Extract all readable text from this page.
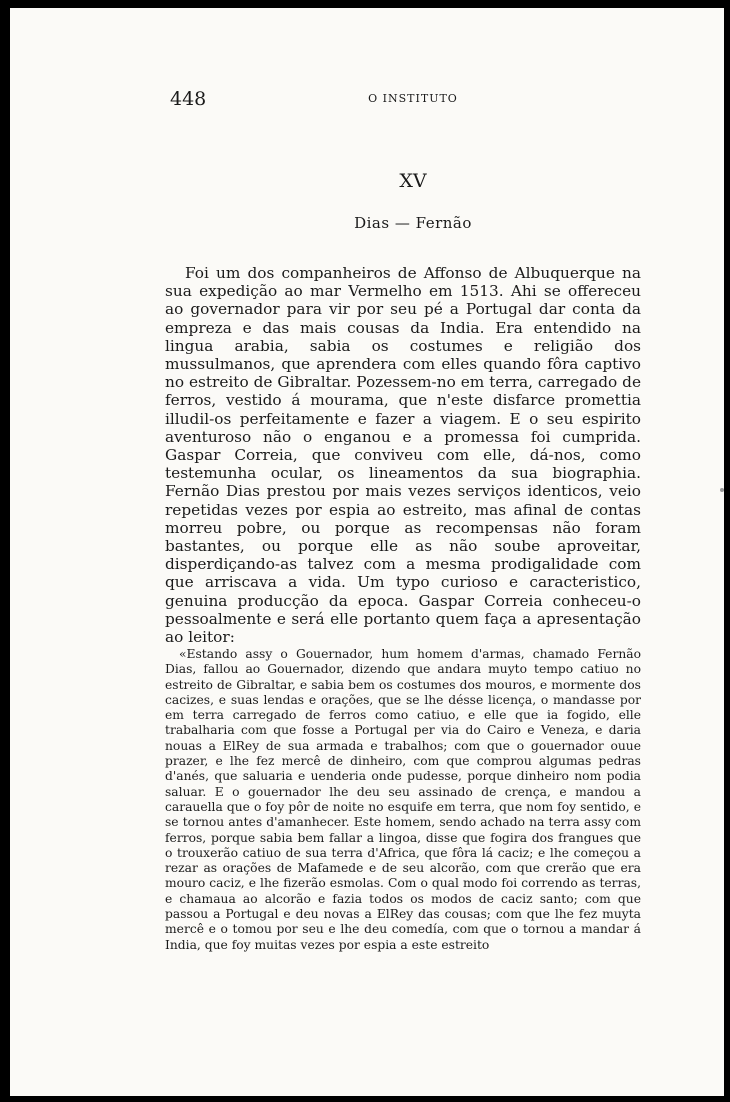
448	O INSTITUTO
XV
Dias — Fernão

Foi um dos companheiros de Affonso de Albuquerque na sua expedição ao mar Vermelho em 1513. Ahi se offereceu ao governador para vir por seu pé a Portugal dar conta da empreza e das mais cousas da India. Era entendido na lingua arabia, sabia os costumes e religião dos mussulmanos, que aprendera com elles quando fôra captivo no estreito de Gibraltar. Pozessem-no em terra, carregado de ferros, vestido á mourama, que n'este disfarce promettia illudil-os perfeitamente e fazer a viagem. E o seu espirito aventuroso não o enganou e a promessa foi cumprida. Gaspar Correia, que conviveu com elle, dá-nos, como testemunha ocular, os lineamentos da sua biographia. Fernão Dias prestou por mais vezes serviços identicos, veio repetidas vezes por espia ao estreito, mas afinal de contas morreu pobre, ou porque as recompensas não foram bastantes, ou porque elle as não soube aproveitar, disperdiçando-as talvez com a mesma prodigalidade com que arriscava a vida. Um typo curioso e caracteristico, genuina producção da epoca. Gaspar Correia conheceu-o pessoalmente e será elle portanto quem faça a apresentação ao leitor:

«Estando assy o Gouernador, hum homem d'armas, chamado Fernão Dias, fallou ao Gouernador, dizendo que andara muyto tempo catiuo no estreito de Gibraltar, e sabia bem os costumes dos mouros, e mormente dos cacizes, e suas lendas e orações, que se lhe désse licença, o mandasse por em terra carregado de ferros como catiuo, e elle que ia fogido, elle trabalharia com que fosse a Portugal per via do Cairo e Veneza, e daria nouas a ElRey de sua armada e trabalhos; com que o gouernador ouue prazer, e lhe fez mercê de dinheiro, com que comprou algumas pedras d'anés, que saluaria e uenderia onde pudesse, porque dinheiro nom podia saluar. E o gouernador lhe deu seu assinado de crença, e mandou a carauella que o foy pôr de noite no esquife em terra, que nom foy sentido, e se tornou antes d'amanhecer. Este homem, sendo achado na terra assy com ferros, porque sabia bem fallar a lingoa, disse que fogira dos frangues que o trouxerão catiuo de sua terra d'Africa, que fôra lá caciz; e lhe começou a rezar as orações de Mafamede e de seu alcorão, com que crerão que era mouro caciz, e lhe fizerão esmolas. Com o qual modo foi correndo as terras, e chamaua ao alcorão e fazia todos os modos de caciz santo; com que passou a Portugal e deu novas a ElRey das cousas; com que lhe fez muyta mercê e o tomou por seu e lhe deu comedía, com que o tornou a mandar á India, que foy muitas vezes por espia a este estreito
